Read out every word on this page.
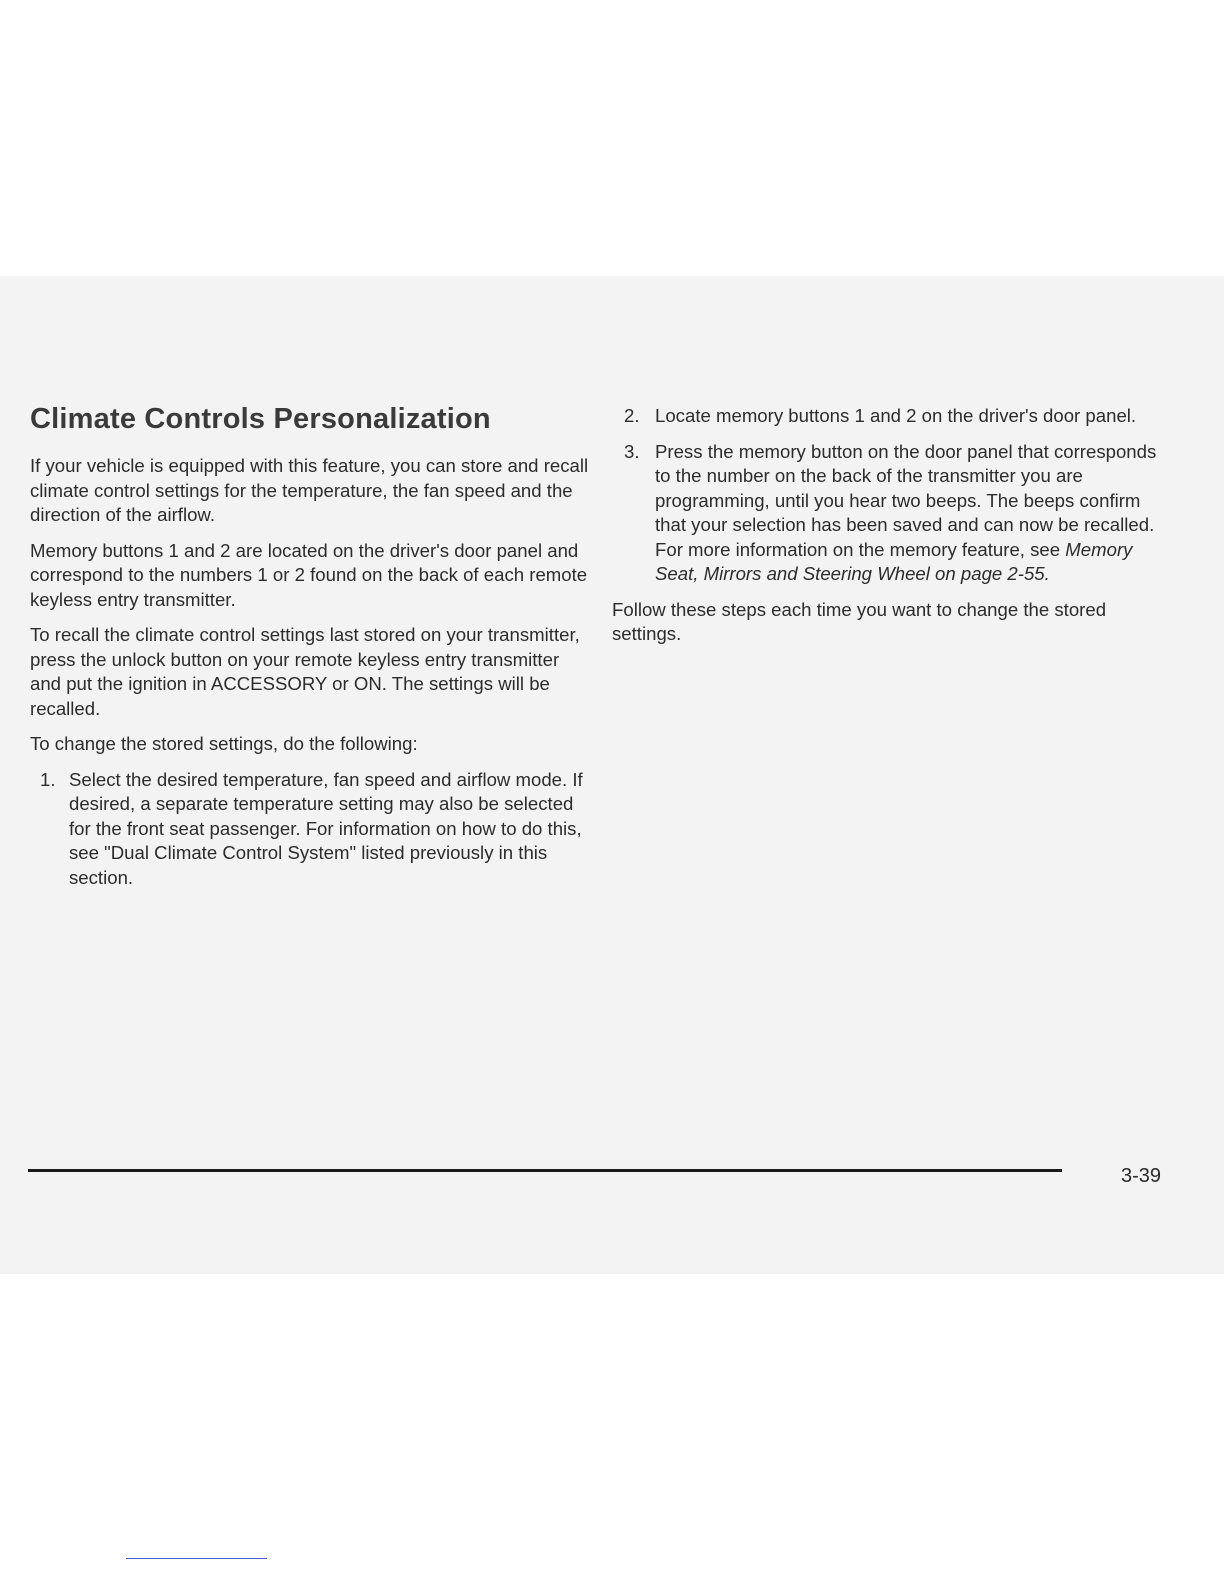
Climate Controls Personalization

If your vehicle is equipped with this feature, you can store and recall climate control settings for the temperature, the fan speed and the direction of the airflow.

Memory buttons 1 and 2 are located on the driver's door panel and correspond to the numbers 1 or 2 found on the back of each remote keyless entry transmitter.

To recall the climate control settings last stored on your transmitter, press the unlock button on your remote keyless entry transmitter and put the ignition in ACCESSORY or ON. The settings will be recalled.

To change the stored settings, do the following:

1. Select the desired temperature, fan speed and airflow mode. If desired, a separate temperature setting may also be selected for the front seat passenger. For information on how to do this, see "Dual Climate Control System" listed previously in this section.
2. Locate memory buttons 1 and 2 on the driver's door panel.
3. Press the memory button on the door panel that corresponds to the number on the back of the transmitter you are programming, until you hear two beeps. The beeps confirm that your selection has been saved and can now be recalled. For more information on the memory feature, see Memory Seat, Mirrors and Steering Wheel on page 2-55.

Follow these steps each time you want to change the stored settings.

3-39
